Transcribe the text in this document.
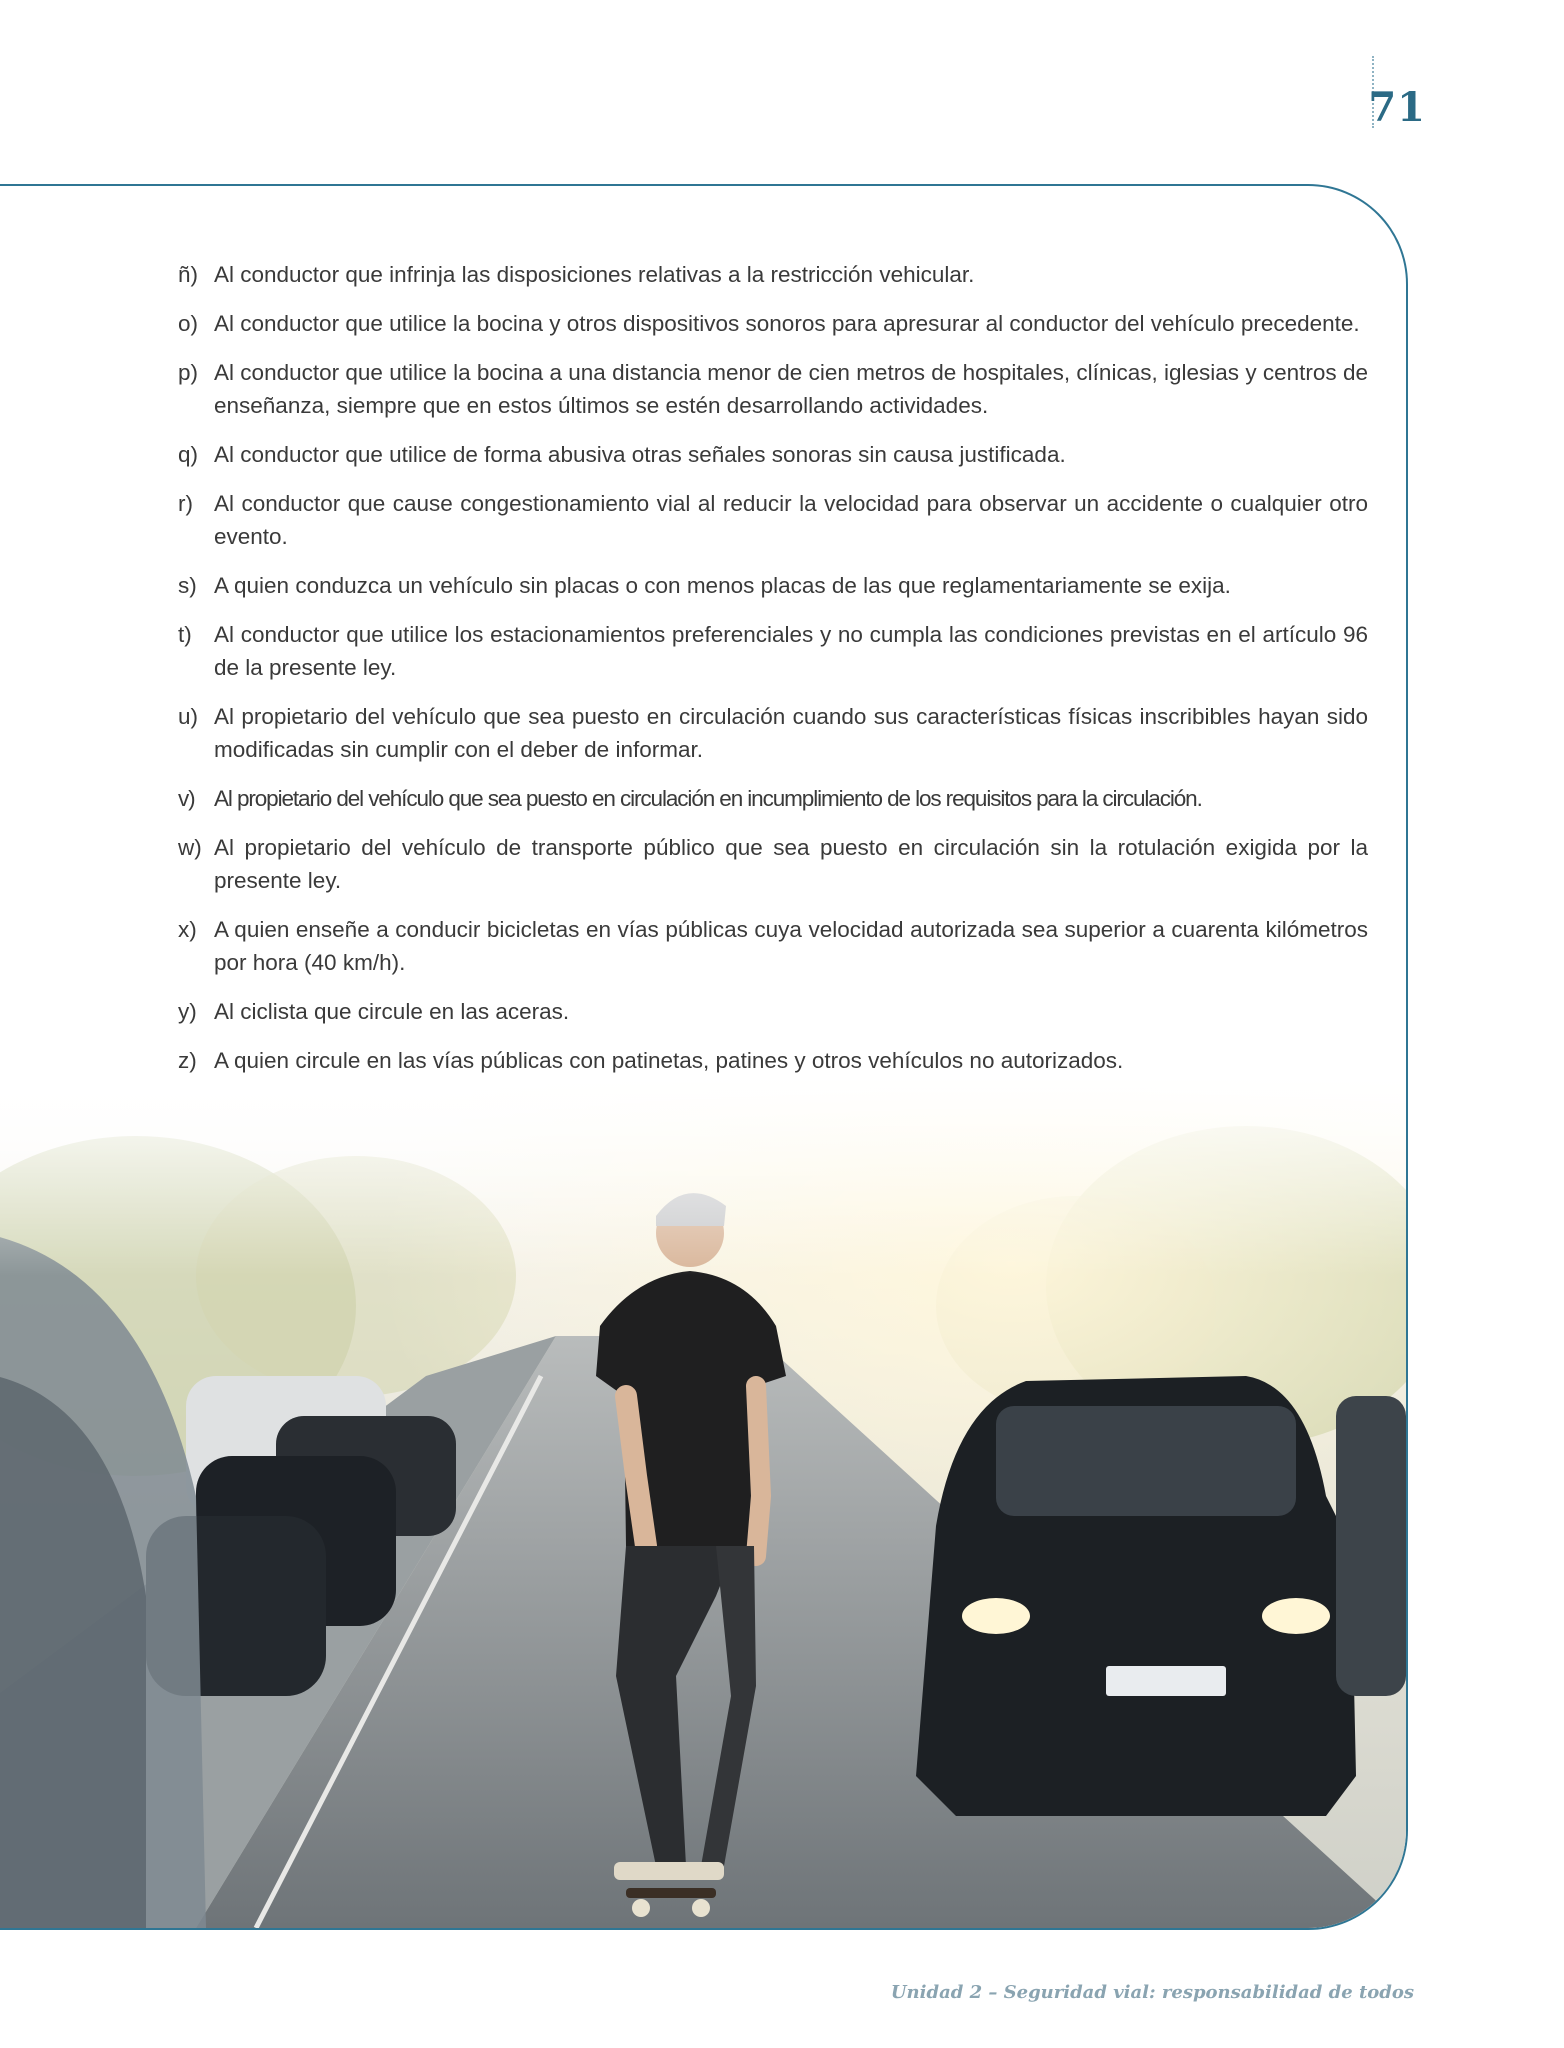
71
ñ) Al conductor que infrinja las disposiciones relativas a la restricción vehicular.
o) Al conductor que utilice la bocina y otros dispositivos sonoros para apresurar al conductor del vehículo precedente.
p) Al conductor que utilice la bocina a una distancia menor de cien metros de hospitales, clínicas, iglesias y centros de enseñanza, siempre que en estos últimos se estén desarrollando actividades.
q) Al conductor que utilice de forma abusiva otras señales sonoras sin causa justificada.
r) Al conductor que cause congestionamiento vial al reducir la velocidad para observar un accidente o cualquier otro evento.
s) A quien conduzca un vehículo sin placas o con menos placas de las que reglamentariamente se exija.
t) Al conductor que utilice los estacionamientos preferenciales y no cumpla las condiciones previstas en el artículo 96 de la presente ley.
u) Al propietario del vehículo que sea puesto en circulación cuando sus características físicas inscribibles hayan sido modificadas sin cumplir con el deber de informar.
v) Al propietario del vehículo que sea puesto en circulación en incumplimiento de los requisitos para la circulación.
w) Al propietario del vehículo de transporte público que sea puesto en circulación sin la rotulación exigida por la presente ley.
x) A quien enseñe a conducir bicicletas en vías públicas cuya velocidad autorizada sea superior a cuarenta kilómetros por hora (40 km/h).
y) Al ciclista que circule en las aceras.
z) A quien circule en las vías públicas con patinetas, patines y otros vehículos no autorizados.
Unidad 2 – Seguridad vial: responsabilidad de todos
